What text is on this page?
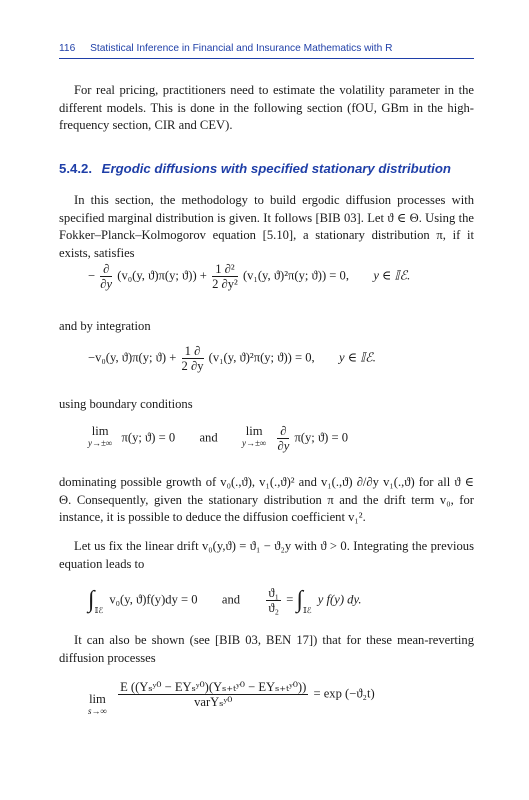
116 Statistical Inference in Financial and Insurance Mathematics with R

For real pricing, practitioners need to estimate the volatility parameter in the different models. This is done in the following section (fOU, GBm in the high-frequency section, CIR and CEV).

5.4.2. Ergodic diffusions with specified stationary distribution

In this section, the methodology to build ergodic diffusion processes with specified marginal distribution is given. It follows [BIB 03]. Let ϑ ∈ Θ. Using the Fokker–Planck–Kolmogorov equation [5.10], a stationary distribution π, if it exists, satisfies

− $\frac{\partial}{\partial y} (v_0(y$, ϑ)π(y; $ϑ)) + \frac{\text{1 ∂²}}{\text{2 ∂y²}} (v_1(y$, ϑ)²π(y; ϑ)) = 0, y ∈ 𝕀ℰ.

and by integration

−v₀(y, ϑ)π(y; $ϑ) + \frac{1 \partial}{2 \partial y} (v_1(y$, ϑ)²π(y; ϑ)) = 0, y ∈ 𝕀ℰ.

using boundary conditions

lim
y→±∞ π(y; ϑ) = 0 and lim
y→±∞
$\frac{\partial}{\partial y} \pi(y$; ϑ) = 0

dominating possible growth of v₀(.,ϑ), v₁(.,ϑ)² and v₁(.,ϑ) ∂/∂y v₁(.,ϑ) for all ϑ ∈ Θ. Consequently, given the stationary distribution π and the drift term v₀, for instance, it is possible to deduce the diffusion coefficient v₁².

Let us fix the linear drift v₀(y,ϑ) = ϑ₁ − ϑ₂y with ϑ > 0. Integrating the previous equation leads to

$\int_{𝕀ℰ}$ v₀(y, ϑ)f(y)dy = 0 and $\frac{\text{ϑ₁}}{\text{ϑ₂}} = \int_{𝕀ℰ}$ y f(y) dy.

It can also be shown (see [BIB 03, BEN 17]) that for these mean-reverting diffusion processes

lim
s→∞

$\frac{\text{E ((Yₛʸ⁰ − EYₛʸ⁰)(Yₛ₊ₜʸ⁰ − EYₛ₊ₜʸ⁰))}}{\text{varYₛʸ⁰}} = \exp (-ϑ_2t)$
